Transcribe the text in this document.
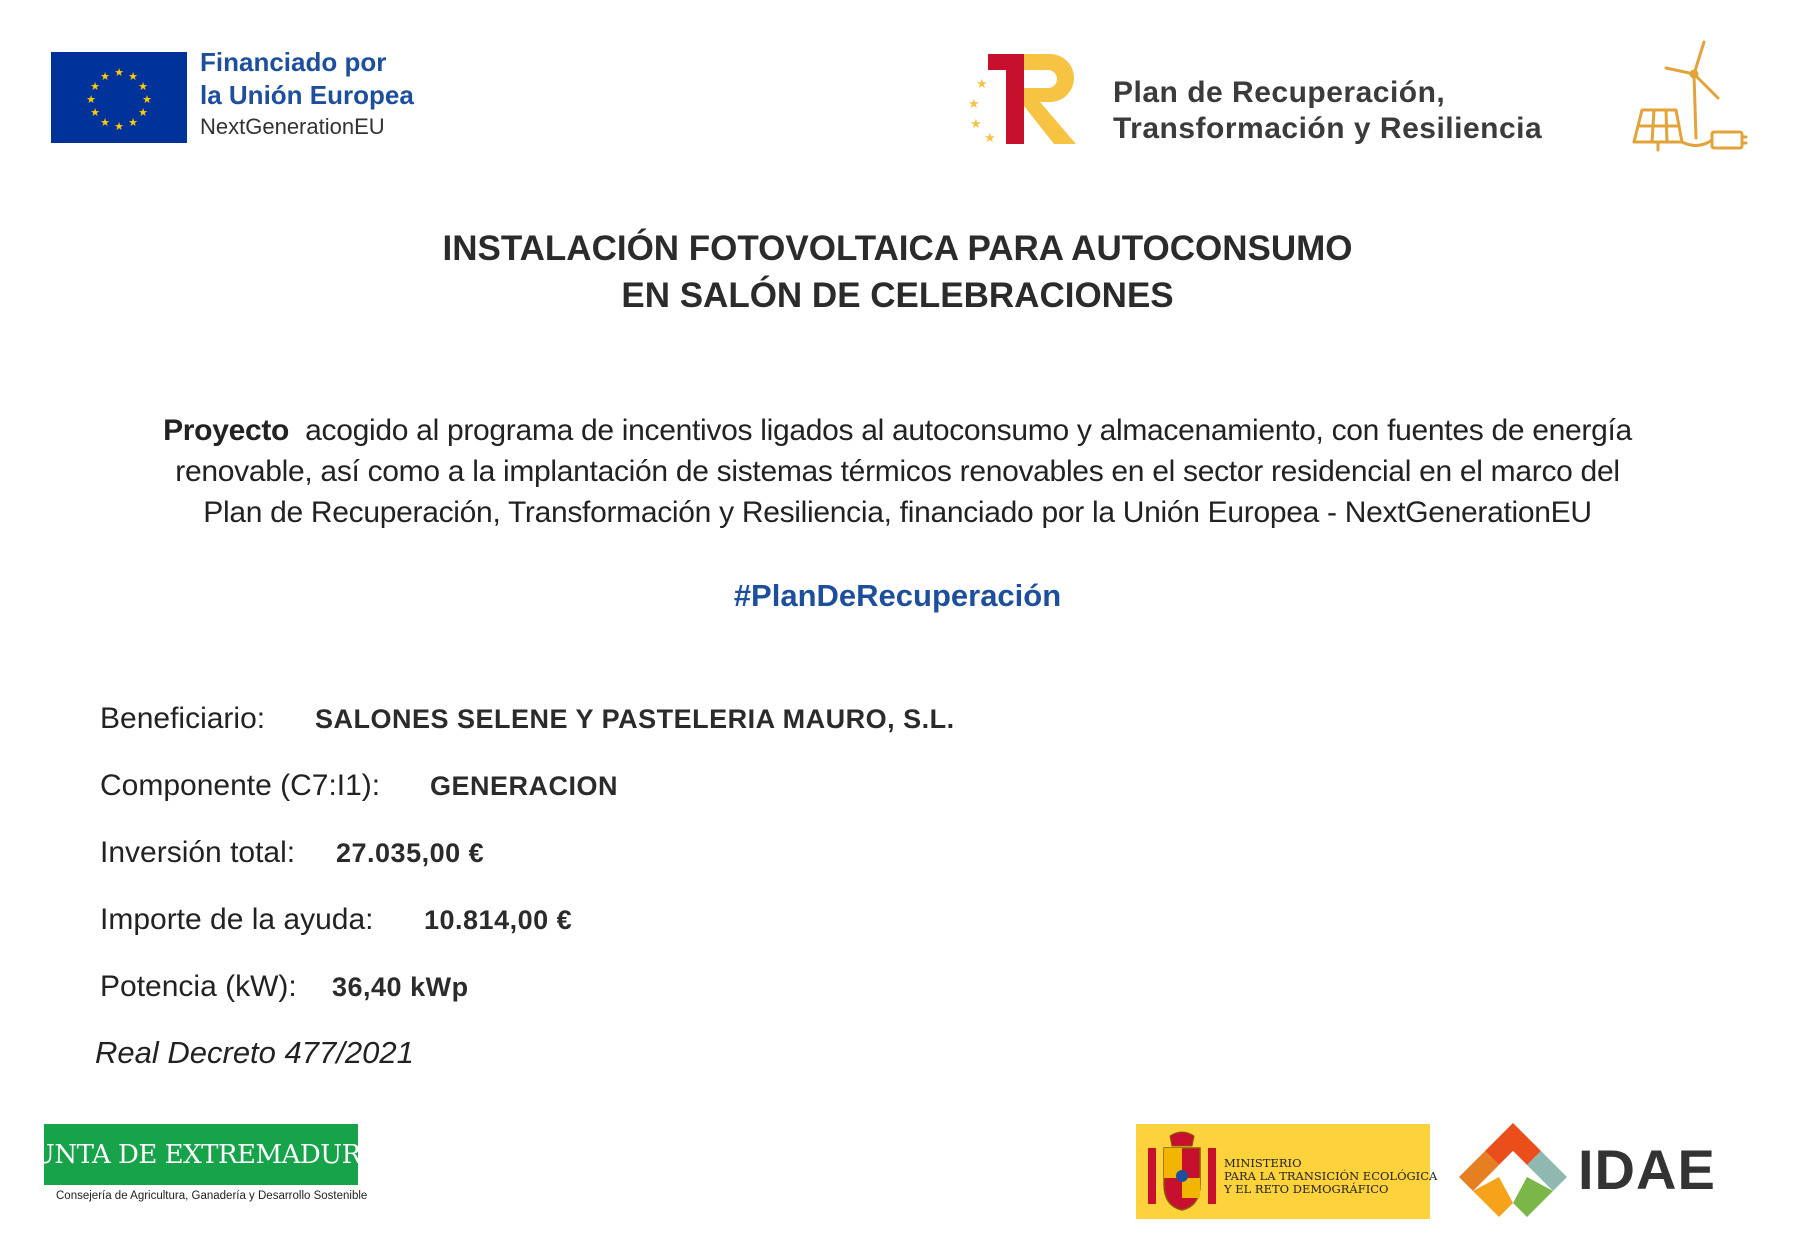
★ ★
★
★
★
★
★
★
★
★
★
★	Financiado por
la Unión Europea
NextGenerationEU
★
★
★
★
Plan de Recuperación,
Transformación y Resiliencia
INSTALACIÓN FOTOVOLTAICA PARA AUTOCONSUMO
EN SALÓN DE CELEBRACIONES
Proyecto acogido al programa de incentivos ligados al autoconsumo y almacenamiento, con fuentes de energía
renovable, así como a la implantación de sistemas térmicos renovables en el sector residencial en el marco del
Plan de Recuperación, Transformación y Resiliencia, financiado por la Unión Europea - NextGenerationEU
#PlanDeRecuperación
Beneficiario: SALONES SELENE Y PASTELERIA MAURO, S.L.
Componente (C7:I1): GENERACION
Inversión total: 27.035,00 €
Importe de la ayuda: 10.814,00 €
Potencia (kW): 36,40 kWp
Real Decreto 477/2021
JUNTA DE EXTREMADURA
Consejería de Agricultura, Ganadería y Desarrollo Sostenible
MINISTERIO
PARA LA TRANSICIÓN ECOLÓGICA
Y EL RETO DEMOGRÁFICO	IDAE
